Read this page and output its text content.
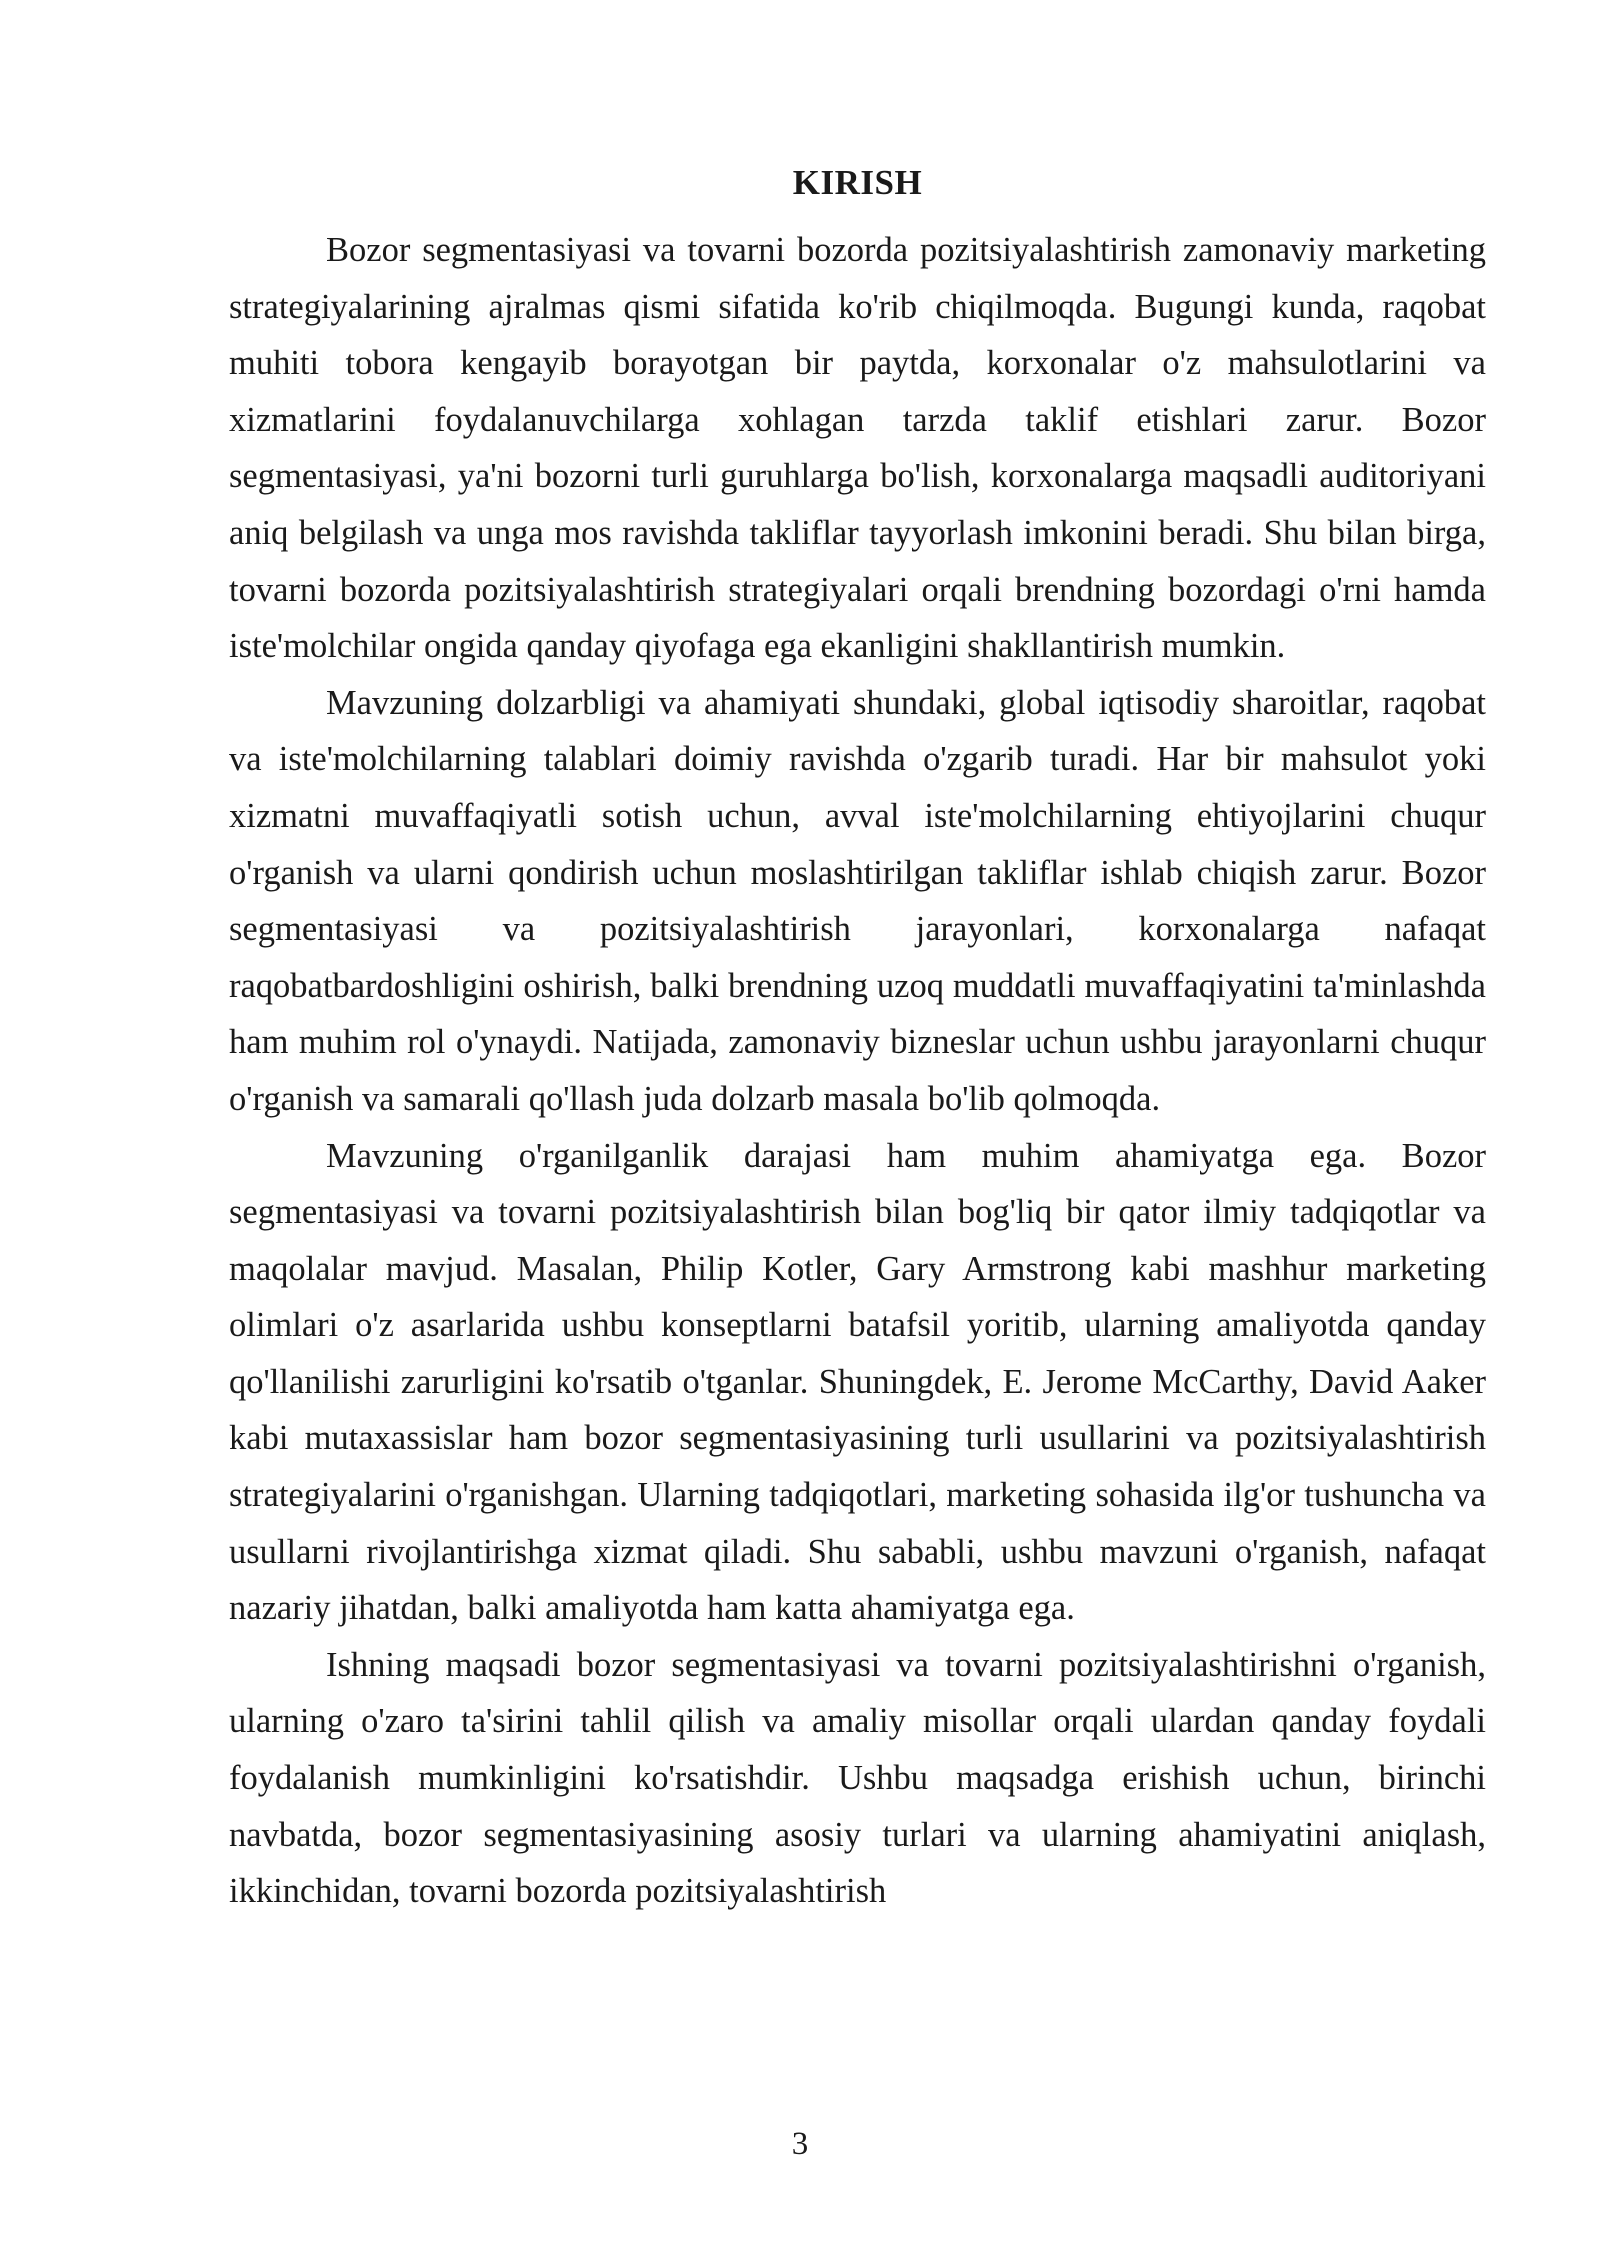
KIRISH

Bozor segmentasiyasi va tovarni bozorda pozitsiyalashtirish zamonaviy marketing strategiyalarining ajralmas qismi sifatida ko'rib chiqilmoqda. Bugungi kunda, raqobat muhiti tobora kengayib borayotgan bir paytda, korxonalar o'z mahsulotlarini va xizmatlarini foydalanuvchilarga xohlagan tarzda taklif etishlari zarur. Bozor segmentasiyasi, ya'ni bozorni turli guruhlarga bo'lish, korxonalarga maqsadli auditoriyani aniq belgilash va unga mos ravishda takliflar tayyorlash imkonini beradi. Shu bilan birga, tovarni bozorda pozitsiyalashtirish strategiyalari orqali brendning bozordagi o'rni hamda iste'molchilar ongida qanday qiyofaga ega ekanligini shakllantirish mumkin.

Mavzuning dolzarbligi va ahamiyati shundaki, global iqtisodiy sharoitlar, raqobat va iste'molchilarning talablari doimiy ravishda o'zgarib turadi. Har bir mahsulot yoki xizmatni muvaffaqiyatli sotish uchun, avval iste'molchilarning ehtiyojlarini chuqur o'rganish va ularni qondirish uchun moslashtirilgan takliflar ishlab chiqish zarur. Bozor segmentasiyasi va pozitsiyalashtirish jarayonlari, korxonalarga nafaqat raqobatbardoshligini oshirish, balki brendning uzoq muddatli muvaffaqiyatini ta'minlashda ham muhim rol o'ynaydi. Natijada, zamonaviy bizneslar uchun ushbu jarayonlarni chuqur o'rganish va samarali qo'llash juda dolzarb masala bo'lib qolmoqda.

Mavzuning o'rganilganlik darajasi ham muhim ahamiyatga ega. Bozor segmentasiyasi va tovarni pozitsiyalashtirish bilan bog'liq bir qator ilmiy tadqiqotlar va maqolalar mavjud. Masalan, Philip Kotler, Gary Armstrong kabi mashhur marketing olimlari o'z asarlarida ushbu konseptlarni batafsil yoritib, ularning amaliyotda qanday qo'llanilishi zarurligini ko'rsatib o'tganlar. Shuningdek, E. Jerome McCarthy, David Aaker kabi mutaxassislar ham bozor segmentasiyasining turli usullarini va pozitsiyalashtirish strategiyalarini o'rganishgan. Ularning tadqiqotlari, marketing sohasida ilg'or tushuncha va usullarni rivojlantirishga xizmat qiladi. Shu sababli, ushbu mavzuni o'rganish, nafaqat nazariy jihatdan, balki amaliyotda ham katta ahamiyatga ega.

Ishning maqsadi bozor segmentasiyasi va tovarni pozitsiyalashtirishni o'rganish, ularning o'zaro ta'sirini tahlil qilish va amaliy misollar orqali ulardan qanday foydali foydalanish mumkinligini ko'rsatishdir. Ushbu maqsadga erishish uchun, birinchi navbatda, bozor segmentasiyasining asosiy turlari va ularning ahamiyatini aniqlash, ikkinchidan, tovarni bozorda pozitsiyalashtirish

3
